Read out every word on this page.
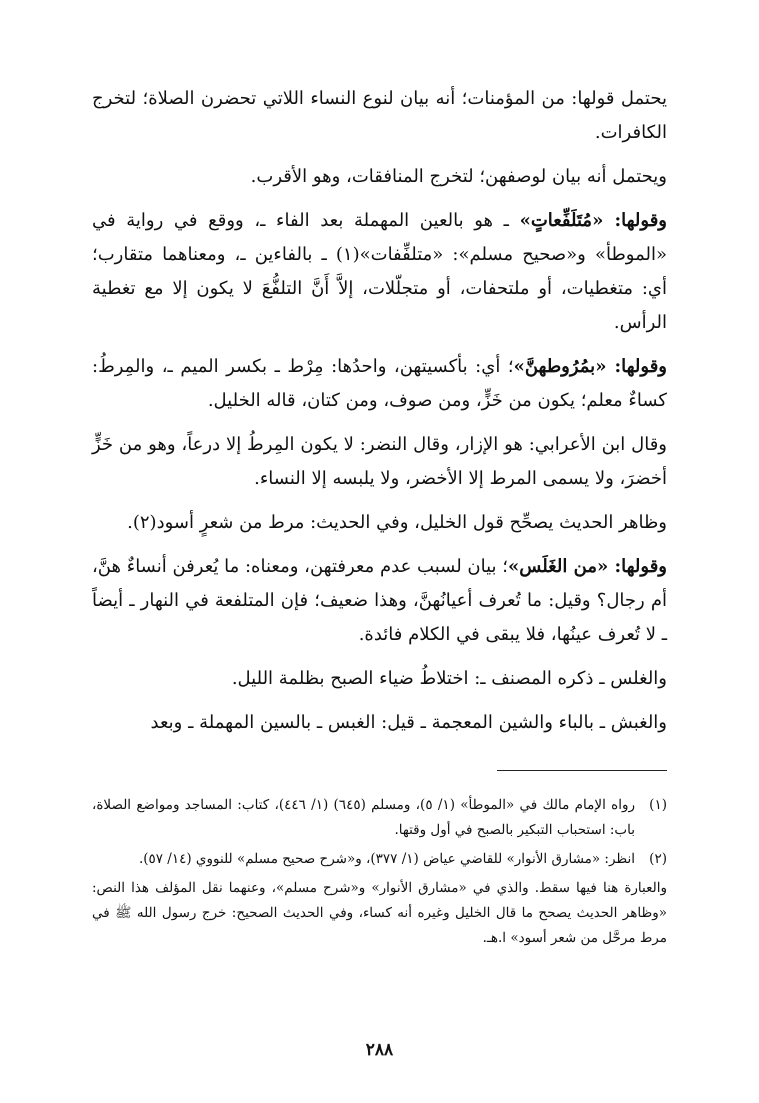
يحتمل قولها: من المؤمنات؛ أنه بيان لنوع النساء اللاتي تحضرن الصلاة؛ لتخرج الكافرات.

ويحتمل أنه بيان لوصفهن؛ لتخرج المنافقات، وهو الأقرب.

وقولها: «مُتَلَفِّعاتٍ» ـ هو بالعين المهملة بعد الفاء ـ، ووقع في رواية في «الموطأ» و«صحيح مسلم»: «متلفِّفات»(١) ـ بالفاءين ـ، ومعناهما متقارب؛ أي: متغطيات، أو ملتحفات، أو متجلّلات، إلاَّ أَنَّ التلفُّعَ لا يكون إلا مع تغطية الرأس.

وقولها: «بمُرُوطهنَّ»؛ أي: بأكسيتهن، واحدُها: مِرْط ـ بكسر الميم ـ، والمِرطُ: كساءٌ معلم؛ يكون من خَزٍّ، ومن صوف، ومن كتان، قاله الخليل.

وقال ابن الأعرابي: هو الإزار، وقال النضر: لا يكون المِرطُ إلا درعاً، وهو من خَزٍّ أخضرَ، ولا يسمى المرط إلا الأخضر، ولا يلبسه إلا النساء.

وظاهر الحديث يصحِّح قول الخليل، وفي الحديث: مرط من شعرٍ أسود(٢).

وقولها: «من الغَلَس»؛ بيان لسبب عدم معرفتهن، ومعناه: ما يُعرفن أنساءٌ هنَّ، أم رجال؟ وقيل: ما تُعرف أعيانُهنَّ، وهذا ضعيف؛ فإن المتلفعة في النهار ـ أيضاً ـ لا تُعرف عينُها، فلا يبقى في الكلام فائدة.

والغلس ـ ذكره المصنف ـ: اختلاطُ ضياء الصبح بظلمة الليل.

والغبش ـ بالباء والشين المعجمة ـ قيل: الغبس ـ بالسين المهملة ـ وبعد

(١)
رواه الإمام مالك في «الموطأ» (١/ ٥)، ومسلم (٦٤٥) (١/ ٤٤٦)، كتاب: المساجد ومواضع الصلاة، باب: استحباب التبكير بالصبح في أول وقتها.
(٢)
انظر: «مشارق الأنوار» للقاضي عياض (١/ ٣٧٧)، و«شرح صحيح مسلم» للنووي (١٤/ ٥٧).

والعبارة هنا فيها سقط. والذي في «مشارق الأنوار» و«شرح مسلم»، وعنهما نقل المؤلف هذا النص: «وظاهر الحديث يصحح ما قال الخليل وغيره أنه كساء، وفي الحديث الصحيح: خرج رسول الله ﷺ في مرط مرحَّل من شعر أسود» ا.هـ.

٢٨٨
